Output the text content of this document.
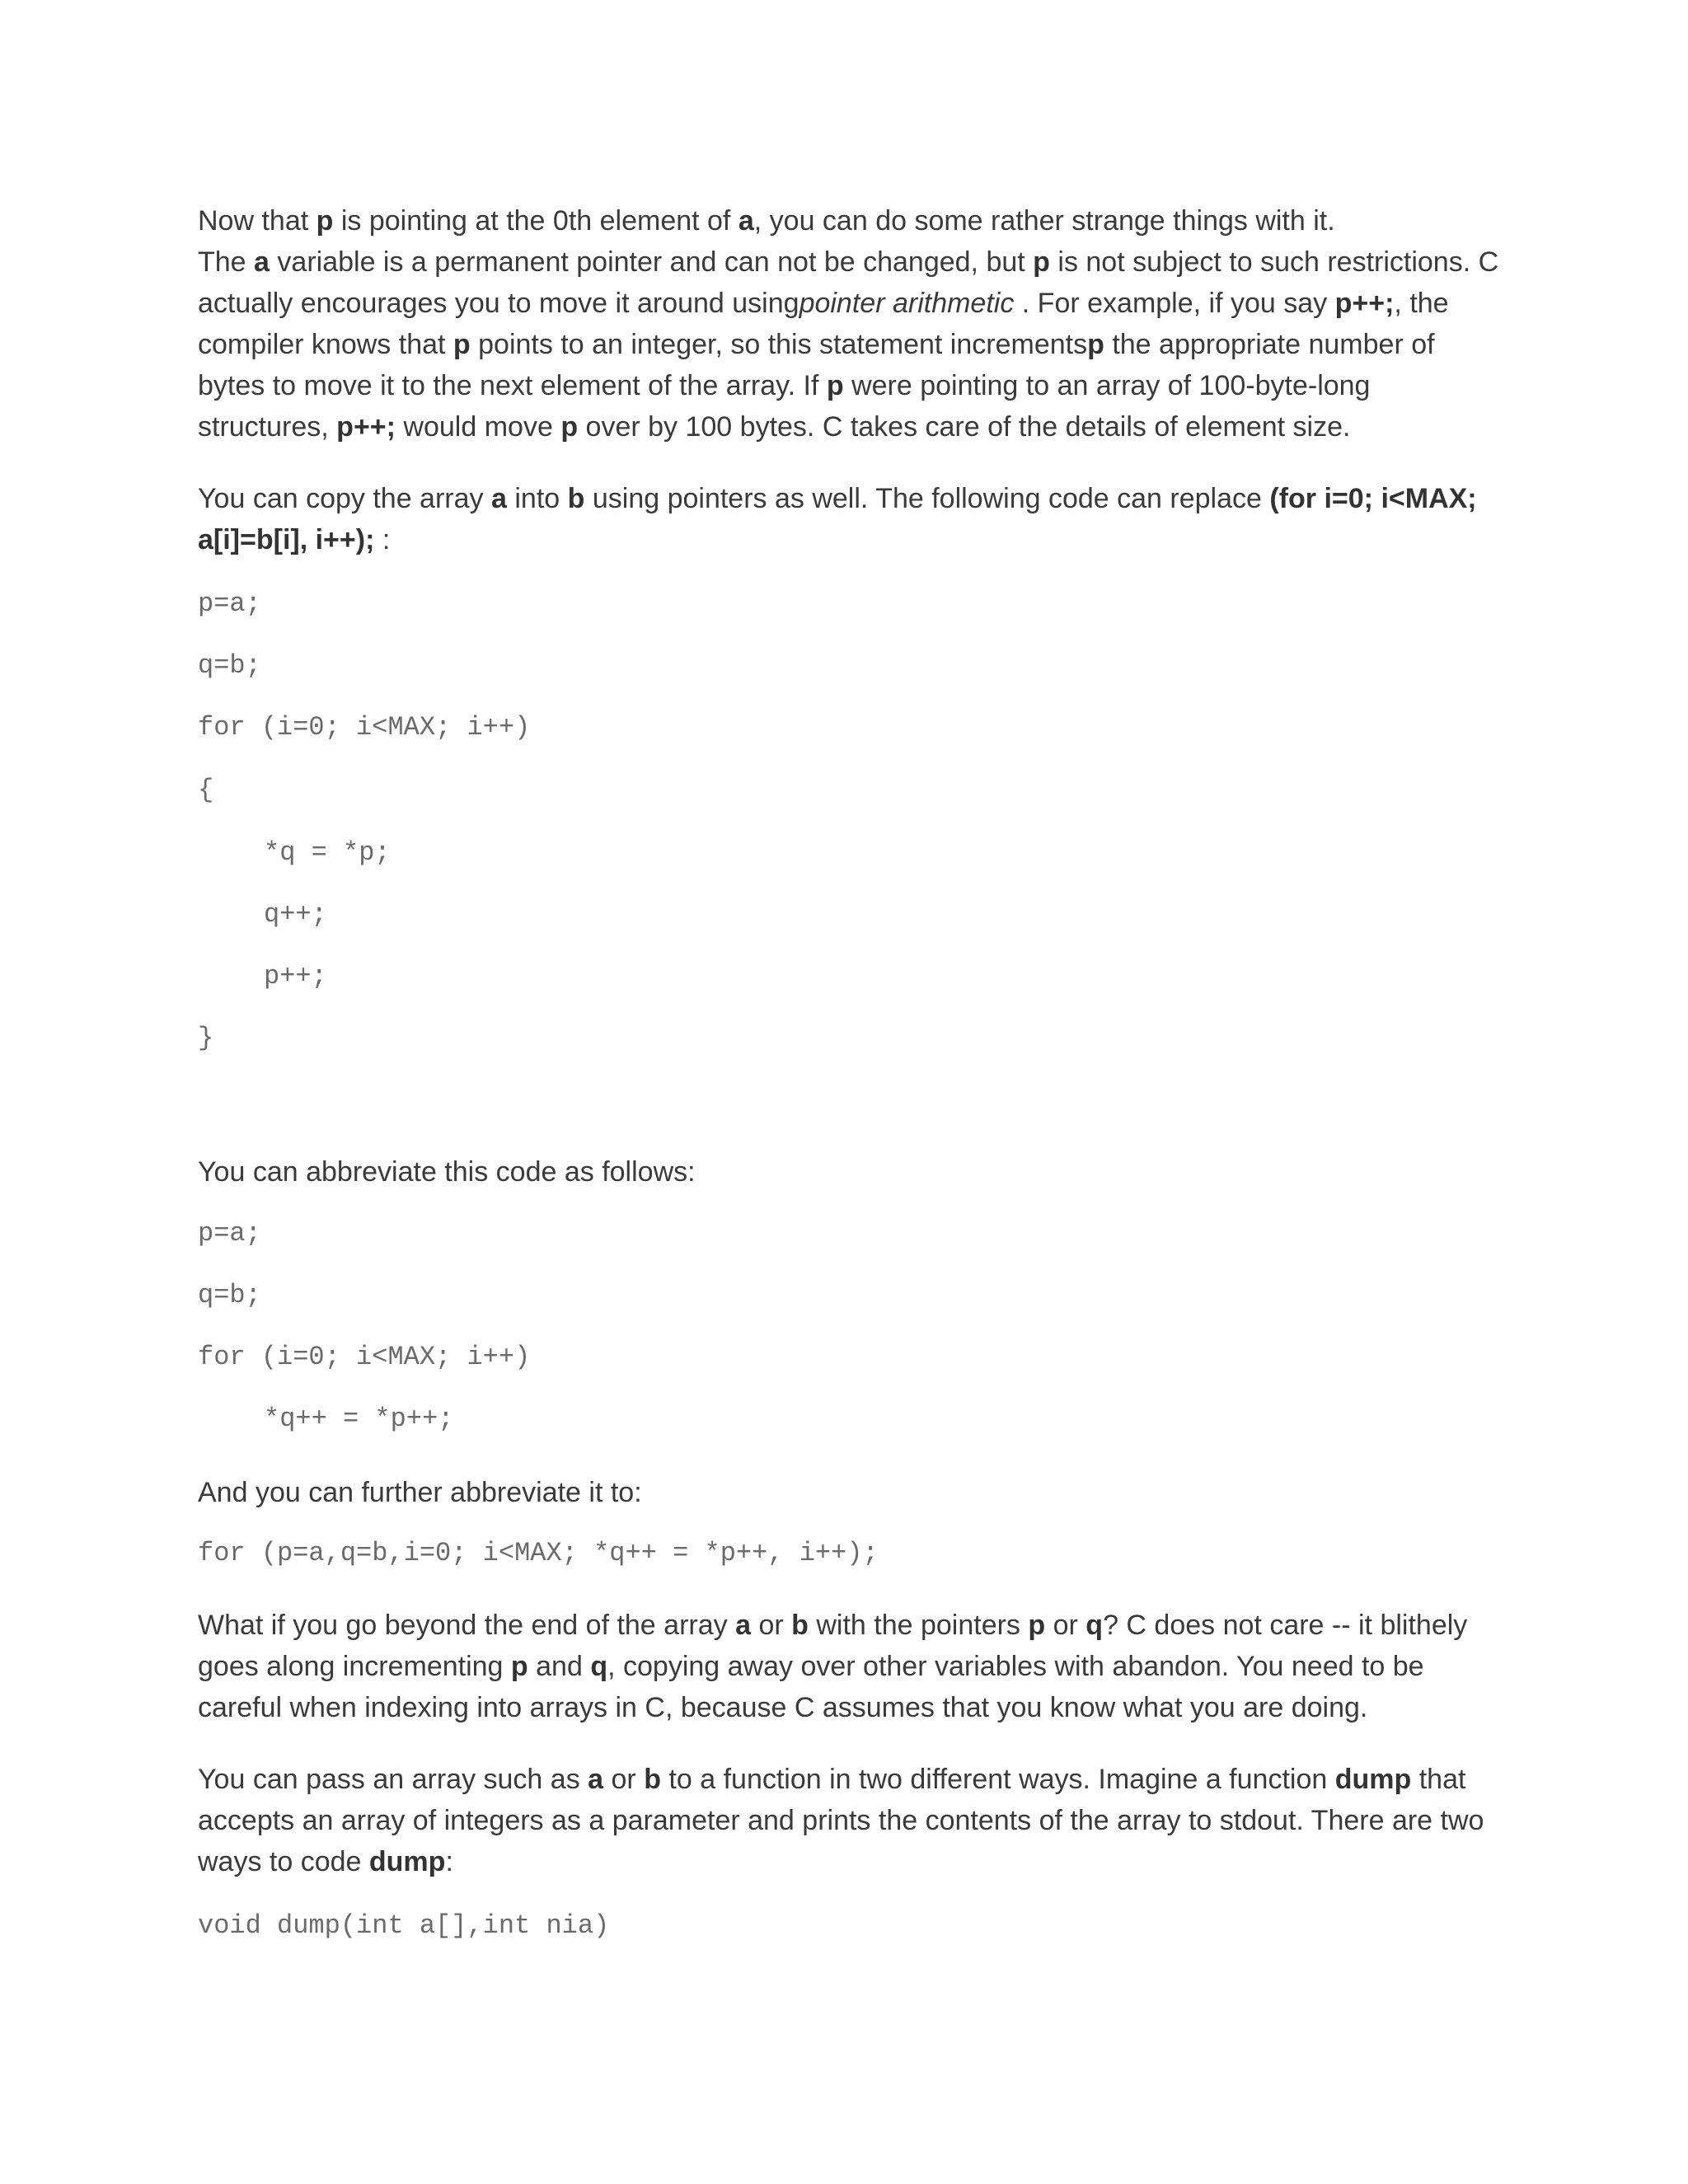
Now that p is pointing at the 0th element of a, you can do some rather strange things with it.
The a variable is a permanent pointer and can not be changed, but p is not subject to such restrictions. C actually encourages you to move it around usingpointer arithmetic . For example, if you say p++;, the compiler knows that p points to an integer, so this statement incrementsp the appropriate number of bytes to move it to the next element of the array. If p were pointing to an array of 100-byte-long structures, p++; would move p over by 100 bytes. C takes care of the details of element size.

You can copy the array a into b using pointers as well. The following code can replace (for i=0; i<MAX; a[i]=b[i], i++); :

p=a;
q=b;
for (i=0; i<MAX; i++)
{
*q = *p;
q++;
p++;
}

You can abbreviate this code as follows:

p=a;
q=b;
for (i=0; i<MAX; i++)
*q++ = *p++;

And you can further abbreviate it to:

for (p=a,q=b,i=0; i<MAX; *q++ = *p++, i++);

What if you go beyond the end of the array a or b with the pointers p or q? C does not care -- it blithely goes along incrementing p and q, copying away over other variables with abandon. You need to be careful when indexing into arrays in C, because C assumes that you know what you are doing.

You can pass an array such as a or b to a function in two different ways. Imagine a function dump that accepts an array of integers as a parameter and prints the contents of the array to stdout. There are two ways to code dump:

void dump(int a[],int nia)
